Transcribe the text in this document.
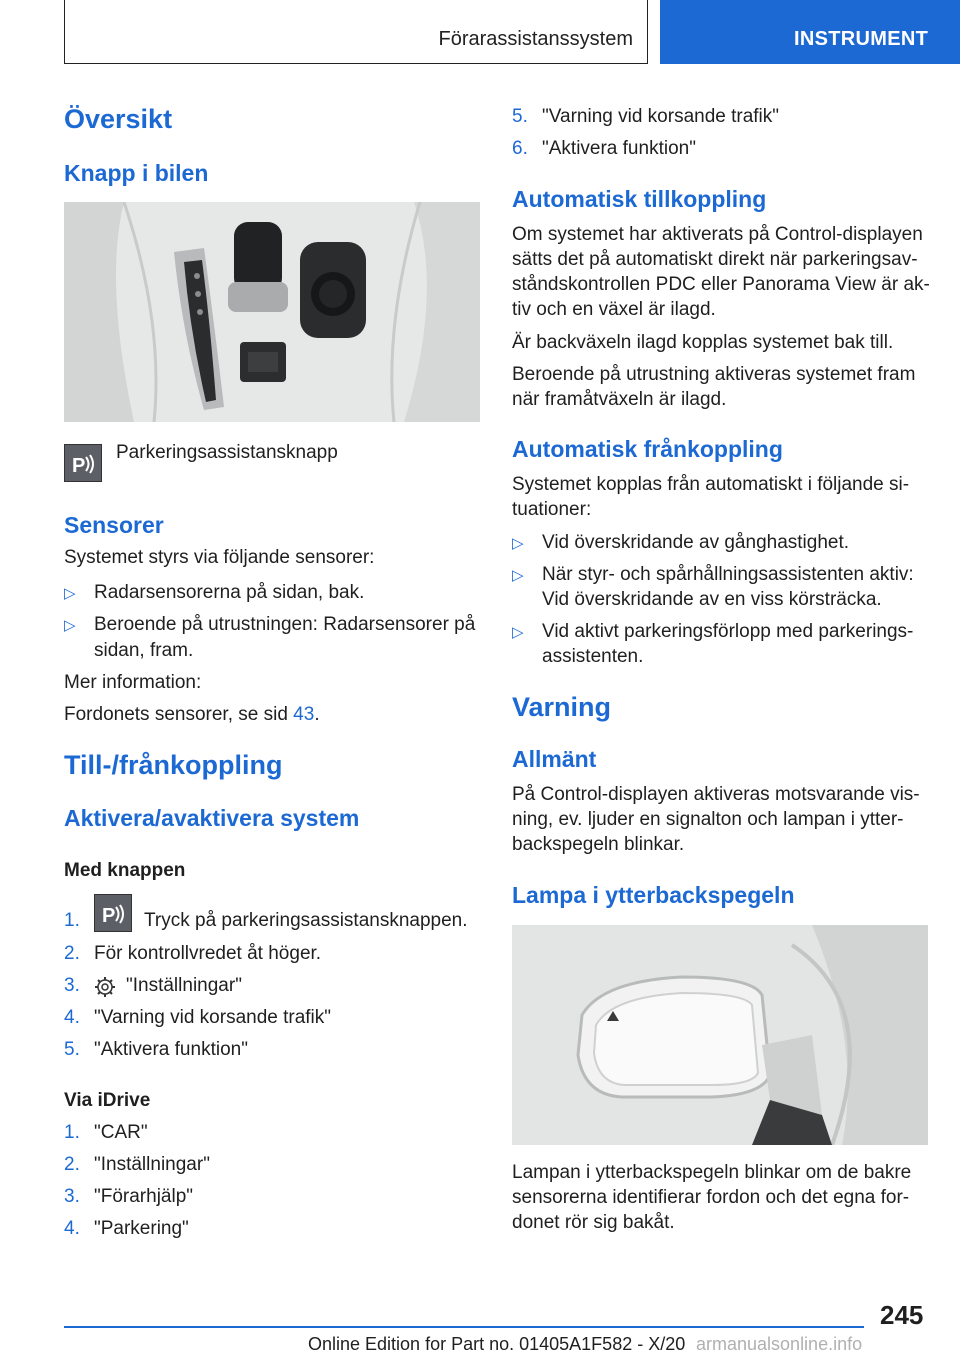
Förarassistanssystem	INSTRUMENT
Översikt
Knapp i bilen
P
Parkeringsassistansknapp
Sensorer
Systemet styrs via följande sensorer:
▷ Radarsensorerna på sidan, bak.
▷ Beroende på utrustningen: Radarsensorer på
sidan, fram.
Mer information:
Fordonets sensorer, se sid 43.
Till-/frånkoppling
Aktivera/avaktivera system
Med knappen
1.	P Tryck på parkeringsassistansknappen.
2. För kontrollvredet åt höger.
3.	"Inställningar"
4. "Varning vid korsande trafik"
5. "Aktivera funktion"
Via iDrive
1. "CAR"
2. "Inställningar"
3. "Förarhjälp"
4. "Parkering"
5. "Varning vid korsande trafik"
6. "Aktivera funktion"
Automatisk tillkoppling
Om systemet har aktiverats på Control-displayen
sätts det på automatiskt direkt när parkeringsav-
ståndskontrollen PDC eller Panorama View är ak-
tiv och en växel är ilagd.
Är backväxeln ilagd kopplas systemet bak till.
Beroende på utrustning aktiveras systemet fram
när framåtväxeln är ilagd.
Automatisk frånkoppling
Systemet kopplas från automatiskt i följande si-
tuationer:
▷ Vid överskridande av gånghastighet.
▷ När styr- och spårhållningsassistenten aktiv:
Vid överskridande av en viss körsträcka.
▷ Vid aktivt parkeringsförlopp med parkerings-
assistenten.
Varning
Allmänt
På Control-displayen aktiveras motsvarande vis-
ning, ev. ljuder en signalton och lampan i ytter-
backspegeln blinkar.
Lampa i ytterbackspegeln
Lampan i ytterbackspegeln blinkar om de bakre
sensorerna identifierar fordon och det egna for-
donet rör sig bakåt.
245
Online Edition for Part no. 01405A1F582 - X/20 armanualsonline.info
